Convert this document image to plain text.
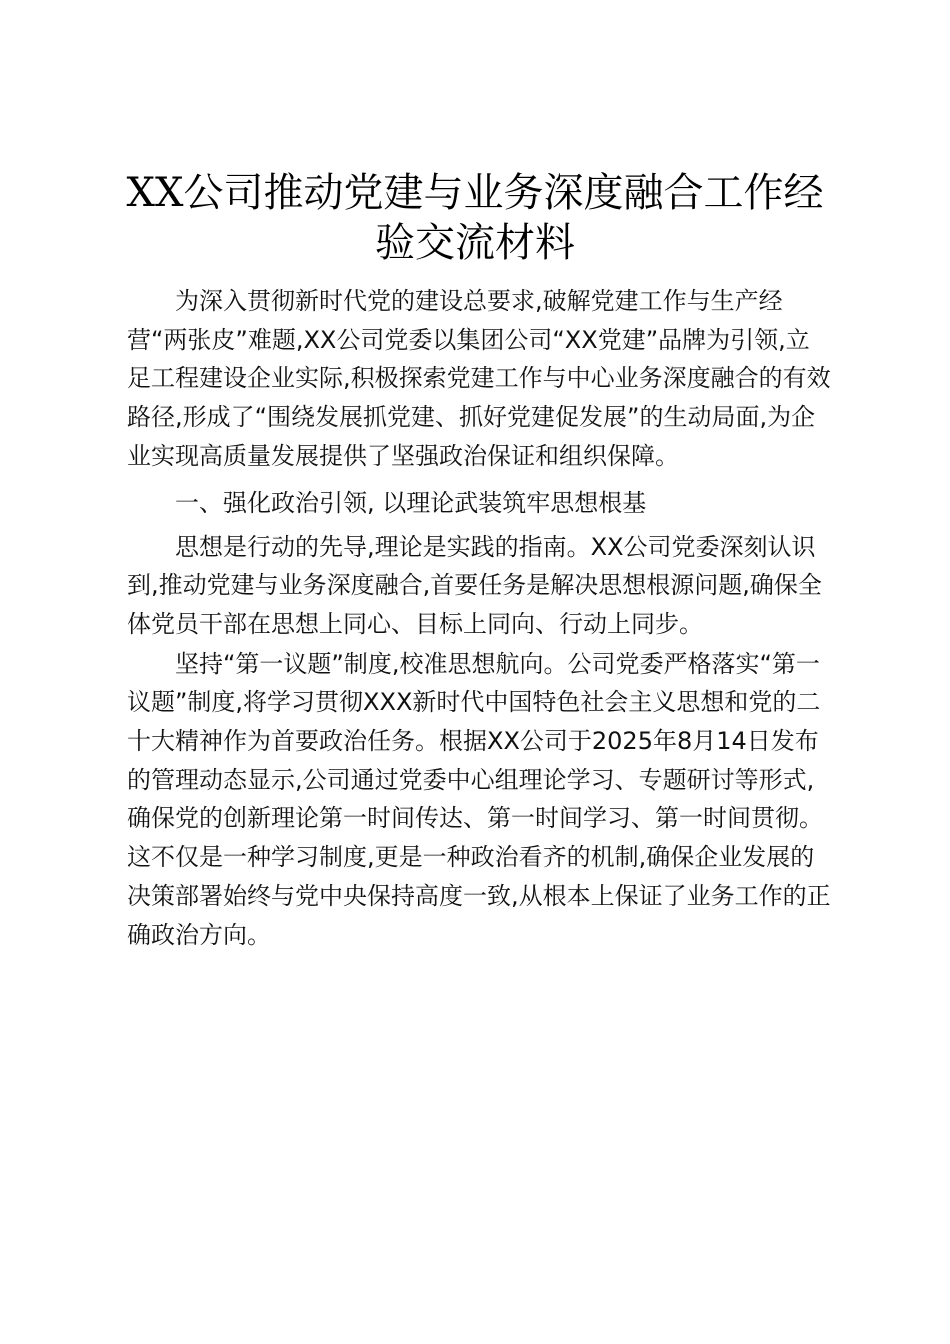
XX公司推动党建与业务深度融合工作经验交流材料

为深入贯彻新时代党的建设总要求,破解党建工作与生产经营“两张皮”难题,XX公司党委以集团公司“XX党建”品牌为引领,立足工程建设企业实际,积极探索党建工作与中心业务深度融合的有效路径,形成了“围绕发展抓党建、抓好党建促发展”的生动局面,为企业实现高质量发展提供了坚强政治保证和组织保障。

一、强化政治引领, 以理论武装筑牢思想根基

思想是行动的先导,理论是实践的指南。XX公司党委深刻认识到,推动党建与业务深度融合,首要任务是解决思想根源问题,确保全体党员干部在思想上同心、目标上同向、行动上同步。

坚持“第一议题”制度,校准思想航向。公司党委严格落实“第一议题”制度,将学习贯彻XXX新时代中国特色社会主义思想和党的二十大精神作为首要政治任务。根据XX公司于2025年8月14日发布的管理动态显示,公司通过党委中心组理论学习、专题研讨等形式,确保党的创新理论第一时间传达、第一时间学习、第一时间贯彻。这不仅是一种学习制度,更是一种政治看齐的机制,确保企业发展的决策部署始终与党中央保持高度一致,从根本上保证了业务工作的正确政治方向。
